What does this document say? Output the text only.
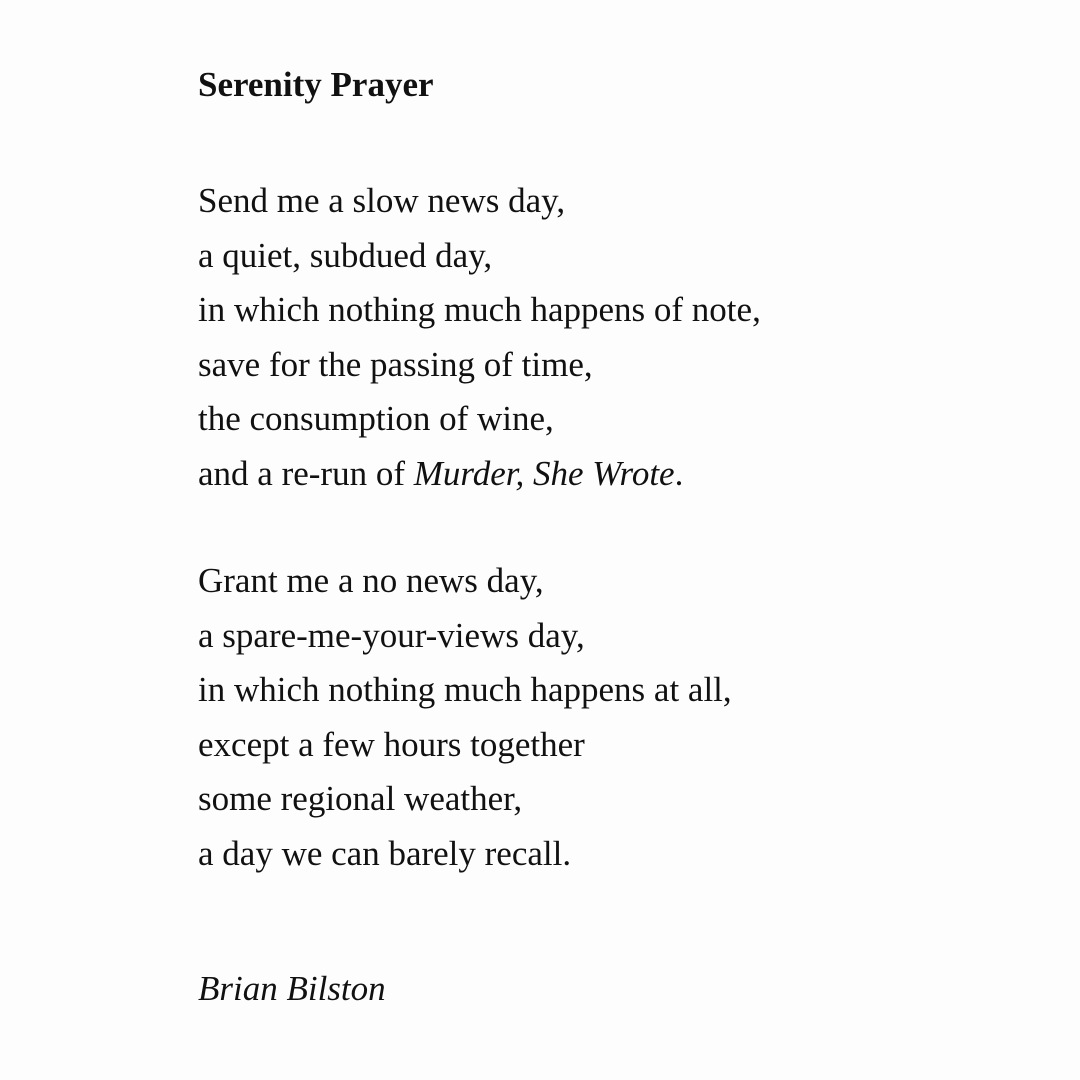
Serenity Prayer

Send me a slow news day,
a quiet, subdued day,
in which nothing much happens of note,
save for the passing of time,
the consumption of wine,
and a re-run of Murder, She Wrote.

Grant me a no news day,
a spare-me-your-views day,
in which nothing much happens at all,
except a few hours together
some regional weather,
a day we can barely recall.

Brian Bilston
